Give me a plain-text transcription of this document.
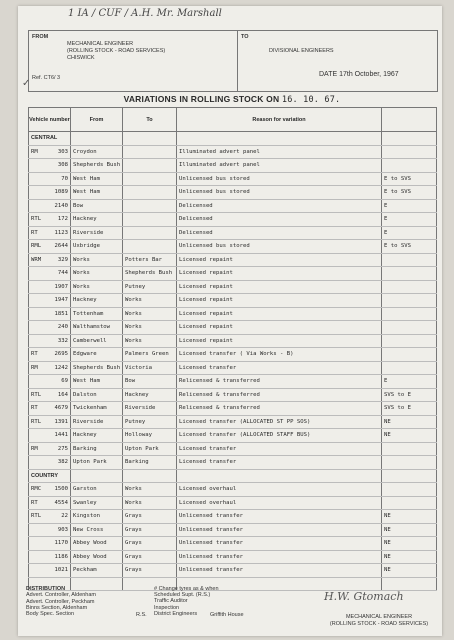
1 IA / CUF / A.H. Mr. Marshall
FROM
MECHANICAL ENGINEER
(ROLLING STOCK - ROAD SERVICES)
CHISWICK
Ref. CT6/ 3
TO
DIVISIONAL ENGINEERS
DATE 17th October, 1967
VARIATIONS IN ROLLING STOCK ON 16. 10. 67.
Vehicle number	From	To	Reason for variation	
CENTRAL				

RM 303	Croydon		Illuminated advert panel	

308	Shepherds Bush		Illuminated advert panel	

70	West Ham		Unlicensed bus stored	E to SVS

1089	West Ham		Unlicensed bus stored	E to SVS

2140	Bow		Delicensed	E

RTL 172	Hackney		Delicensed	E

RT 1123	Riverside		Delicensed	E

RML 2644	Uxbridge		Unlicensed bus stored	E to SVS

WRM 329	Works	Potters Bar	Licensed repaint	

744	Works	Shepherds Bush	Licensed repaint	

1907	Works	Putney	Licensed repaint	

1947	Hackney	Works	Licensed repaint	

1851	Tottenham	Works	Licensed repaint	

240	Walthamstow	Works	Licensed repaint	

332	Camberwell	Works	Licensed repaint	

RT 2695	Edgware	Palmers Green	Licensed transfer ( Via Works - B)	

RM 1242	Shepherds Bush	Victoria	Licensed transfer	

69	West Ham	Bow	Relicensed & transferred	E

RTL 164	Dalston	Hackney	Relicensed & transferred	SVS to E

RT 4679	Twickenham	Riverside	Relicensed & transferred	SVS to E

RTL 1391	Riverside	Putney	Licensed transfer (ALLOCATED ST PP SOS)	NE

1441	Hackney	Holloway	Licensed transfer (ALLOCATED STAFF BUS)	NE

RM 275	Barking	Upton Park	Licensed transfer	

382	Upton Park	Barking	Licensed transfer	
COUNTRY				

RMC 1500	Garston	Works	Licensed overhaul	

RT 4554	Swanley	Works	Licensed overhaul	

RTL 22	Kingston	Grays	Unlicensed transfer	NE

903	New Cross	Grays	Unlicensed transfer	NE

1170	Abbey Wood	Grays	Unlicensed transfer	NE

1186	Abbey Wood	Grays	Unlicensed transfer	NE

1021	Peckham	Grays	Unlicensed transfer	NE

✓
DISTRIBUTION
Advert. Controller, Aldenham
Advert. Controller, Peckham
Binns Section, Aldenham
Body Spec. Section
# Change tyres as & when
Scheduled Supt. (R.S.)
Traffic Auditor
Inspection
District Engineers
R.S.	Griffith House
H.W. Gtomach
MECHANICAL ENGINEER
(ROLLING STOCK - ROAD SERVICES)
